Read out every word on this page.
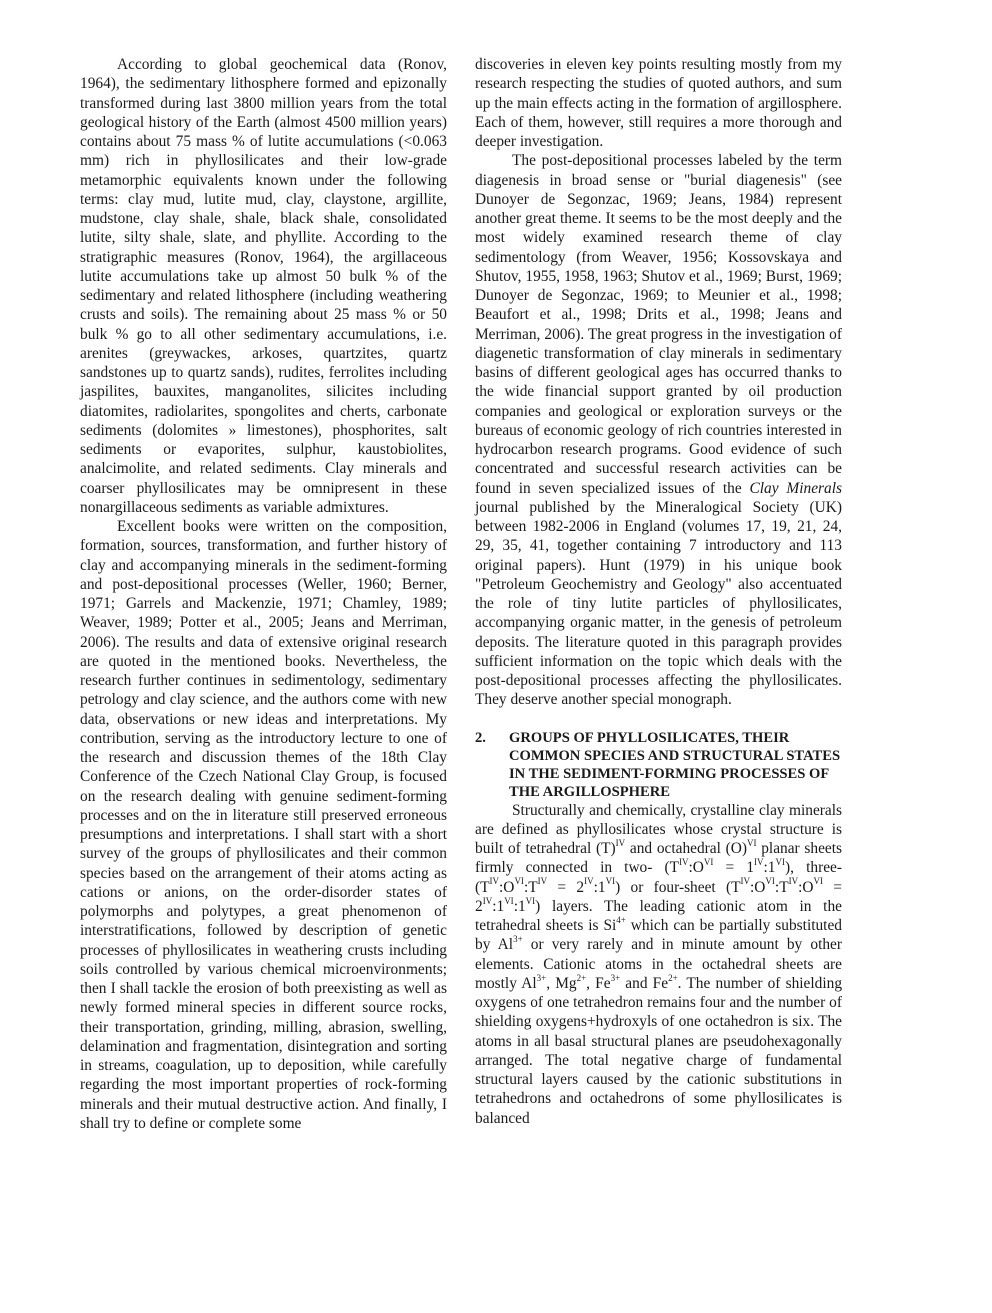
According to global geochemical data (Ronov, 1964), the sedimentary lithosphere formed and epizonally transformed during last 3800 million years from the total geological history of the Earth (almost 4500 million years) contains about 75 mass % of lutite accumulations (<0.063 mm) rich in phyllosilicates and their low-grade metamorphic equivalents known under the following terms: clay mud, lutite mud, clay, claystone, argillite, mudstone, clay shale, shale, black shale, consolidated lutite, silty shale, slate, and phyllite. According to the stratigraphic measures (Ronov, 1964), the argillaceous lutite accumulations take up almost 50 bulk % of the sedimentary and related lithosphere (including weathering crusts and soils). The remaining about 25 mass % or 50 bulk % go to all other sedimentary accumulations, i.e. arenites (greywackes, arkoses, quartzites, quartz sandstones up to quartz sands), rudites, ferrolites including jaspilites, bauxites, manganolites, silicites including diatomites, radiolarites, spongolites and cherts, carbonate sediments (dolomites » limestones), phosphorites, salt sediments or evaporites, sulphur, kaustobiolites, analcimolite, and related sediments. Clay minerals and coarser phyllosilicates may be omnipresent in these nonargillaceous sediments as variable admixtures.

Excellent books were written on the composition, formation, sources, transformation, and further history of clay and accompanying minerals in the sediment-forming and post-depositional processes (Weller, 1960; Berner, 1971; Garrels and Mackenzie, 1971; Chamley, 1989; Weaver, 1989; Potter et al., 2005; Jeans and Merriman, 2006). The results and data of extensive original research are quoted in the mentioned books. Nevertheless, the research further continues in sedimentology, sedimentary petrology and clay science, and the authors come with new data, observations or new ideas and interpretations. My contribution, serving as the introductory lecture to one of the research and discussion themes of the 18th Clay Conference of the Czech National Clay Group, is focused on the research dealing with genuine sediment-forming processes and on the in literature still preserved erroneous presumptions and interpretations. I shall start with a short survey of the groups of phyllosilicates and their common species based on the arrangement of their atoms acting as cations or anions, on the order-disorder states of polymorphs and polytypes, a great phenomenon of interstratifications, followed by description of genetic processes of phyllosilicates in weathering crusts including soils controlled by various chemical microenvironments; then I shall tackle the erosion of both preexisting as well as newly formed mineral species in different source rocks, their transportation, grinding, milling, abrasion, swelling, delamination and fragmentation, disintegration and sorting in streams, coagulation, up to deposition, while carefully regarding the most important properties of rock-forming minerals and their mutual destructive action. And finally, I shall try to define or complete some

discoveries in eleven key points resulting mostly from my research respecting the studies of quoted authors, and sum up the main effects acting in the formation of argillosphere. Each of them, however, still requires a more thorough and deeper investigation.

The post-depositional processes labeled by the term diagenesis in broad sense or "burial diagenesis" (see Dunoyer de Segonzac, 1969; Jeans, 1984) represent another great theme. It seems to be the most deeply and the most widely examined research theme of clay sedimentology (from Weaver, 1956; Kossovskaya and Shutov, 1955, 1958, 1963; Shutov et al., 1969; Burst, 1969; Dunoyer de Segonzac, 1969; to Meunier et al., 1998; Beaufort et al., 1998; Drits et al., 1998; Jeans and Merriman, 2006). The great progress in the investigation of diagenetic transformation of clay minerals in sedimentary basins of different geological ages has occurred thanks to the wide financial support granted by oil production companies and geological or exploration surveys or the bureaus of economic geology of rich countries interested in hydrocarbon research programs. Good evidence of such concentrated and successful research activities can be found in seven specialized issues of the Clay Minerals journal published by the Mineralogical Society (UK) between 1982-2006 in England (volumes 17, 19, 21, 24, 29, 35, 41, together containing 7 introductory and 113 original papers). Hunt (1979) in his unique book "Petroleum Geochemistry and Geology" also accentuated the role of tiny lutite particles of phyllosilicates, accompanying organic matter, in the genesis of petroleum deposits. The literature quoted in this paragraph provides sufficient information on the topic which deals with the post-depositional processes affecting the phyllosilicates. They deserve another special monograph.

2.	GROUPS OF PHYLLOSILICATES, THEIR COMMON SPECIES AND STRUCTURAL STATES IN THE SEDIMENT-FORMING PROCESSES OF THE ARGILLOSPHERE

Structurally and chemically, crystalline clay minerals are defined as phyllosilicates whose crystal structure is built of tetrahedral $(T)^{IV}$ and octahedral $(O)^{VI}$ planar sheets firmly connected in two- ($T^{IV}:O^{VI}$ = $1^{IV}:1^{VI}$), three- ($T^{IV}:O^{VI}:T^{IV}$ = $2^{IV}:1^{VI}$) or four-sheet ($T^{IV}:O^{VI}:T^{IV}:O^{VI}$ = $2^{IV}:1^{VI}:1^{VI}$) layers. The leading cationic atom in the tetrahedral sheets is $Si^{4+}$ which can be partially substituted by $Al^{3+}$ or very rarely and in minute amount by other elements. Cationic atoms in the octahedral sheets are mostly $Al^{3+}$, $Mg^{2+}$, $Fe^{3+}$ and $Fe^{2+}$. The number of shielding oxygens of one tetrahedron remains four and the number of shielding oxygens+hydroxyls of one octahedron is six. The atoms in all basal structural planes are pseudohexagonally arranged. The total negative charge of fundamental structural layers caused by the cationic substitutions in tetrahedrons and octahedrons of some phyllosilicates is balanced
